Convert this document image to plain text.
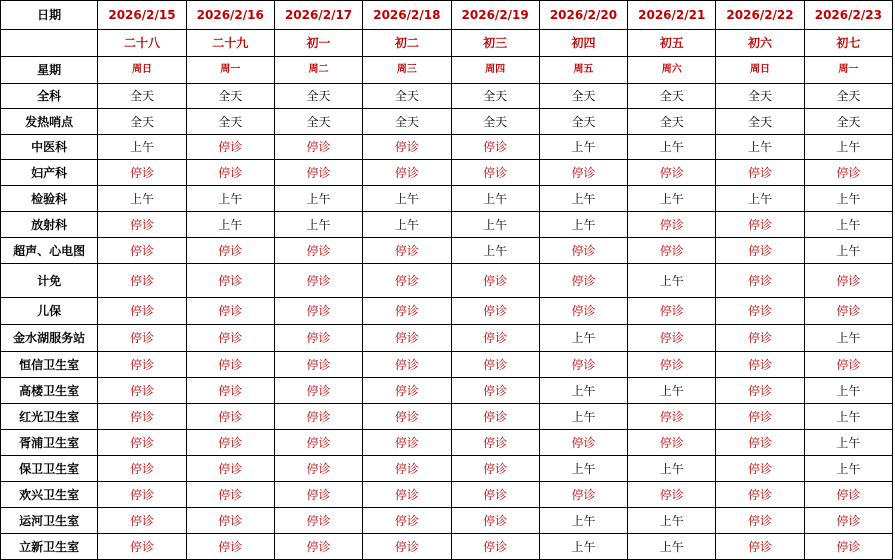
日期	2026/2/15	2026/2/16	2026/2/17	2026/2/18	2026/2/19	2026/2/20	2026/2/21	2026/2/22	2026/2/23
	二十八	二十九	初一	初二	初三	初四	初五	初六	初七
星期	周日	周一	周二	周三	周四	周五	周六	周日	周一
全科	全天	全天	全天	全天	全天	全天	全天	全天	全天
发热哨点	全天	全天	全天	全天	全天	全天	全天	全天	全天
中医科	上午	停诊	停诊	停诊	停诊	上午	上午	上午	上午
妇产科	停诊	停诊	停诊	停诊	停诊	停诊	停诊	停诊	停诊
检验科	上午	上午	上午	上午	上午	上午	上午	上午	上午
放射科	停诊	上午	上午	上午	上午	上午	停诊	停诊	上午
超声、心电图	停诊	停诊	停诊	停诊	上午	停诊	停诊	停诊	上午
计免	停诊	停诊	停诊	停诊	停诊	停诊	上午	停诊	停诊
儿保	停诊	停诊	停诊	停诊	停诊	停诊	停诊	停诊	停诊
金水湖服务站	停诊	停诊	停诊	停诊	停诊	上午	停诊	停诊	上午
恒信卫生室	停诊	停诊	停诊	停诊	停诊	停诊	停诊	停诊	停诊
高楼卫生室	停诊	停诊	停诊	停诊	停诊	上午	上午	停诊	上午
红光卫生室	停诊	停诊	停诊	停诊	停诊	上午	停诊	停诊	上午
胥浦卫生室	停诊	停诊	停诊	停诊	停诊	停诊	停诊	停诊	上午
保卫卫生室	停诊	停诊	停诊	停诊	停诊	上午	上午	停诊	上午
欢兴卫生室	停诊	停诊	停诊	停诊	停诊	停诊	停诊	停诊	停诊
运河卫生室	停诊	停诊	停诊	停诊	停诊	上午	上午	停诊	停诊
立新卫生室	停诊	停诊	停诊	停诊	停诊	上午	上午	停诊	停诊
